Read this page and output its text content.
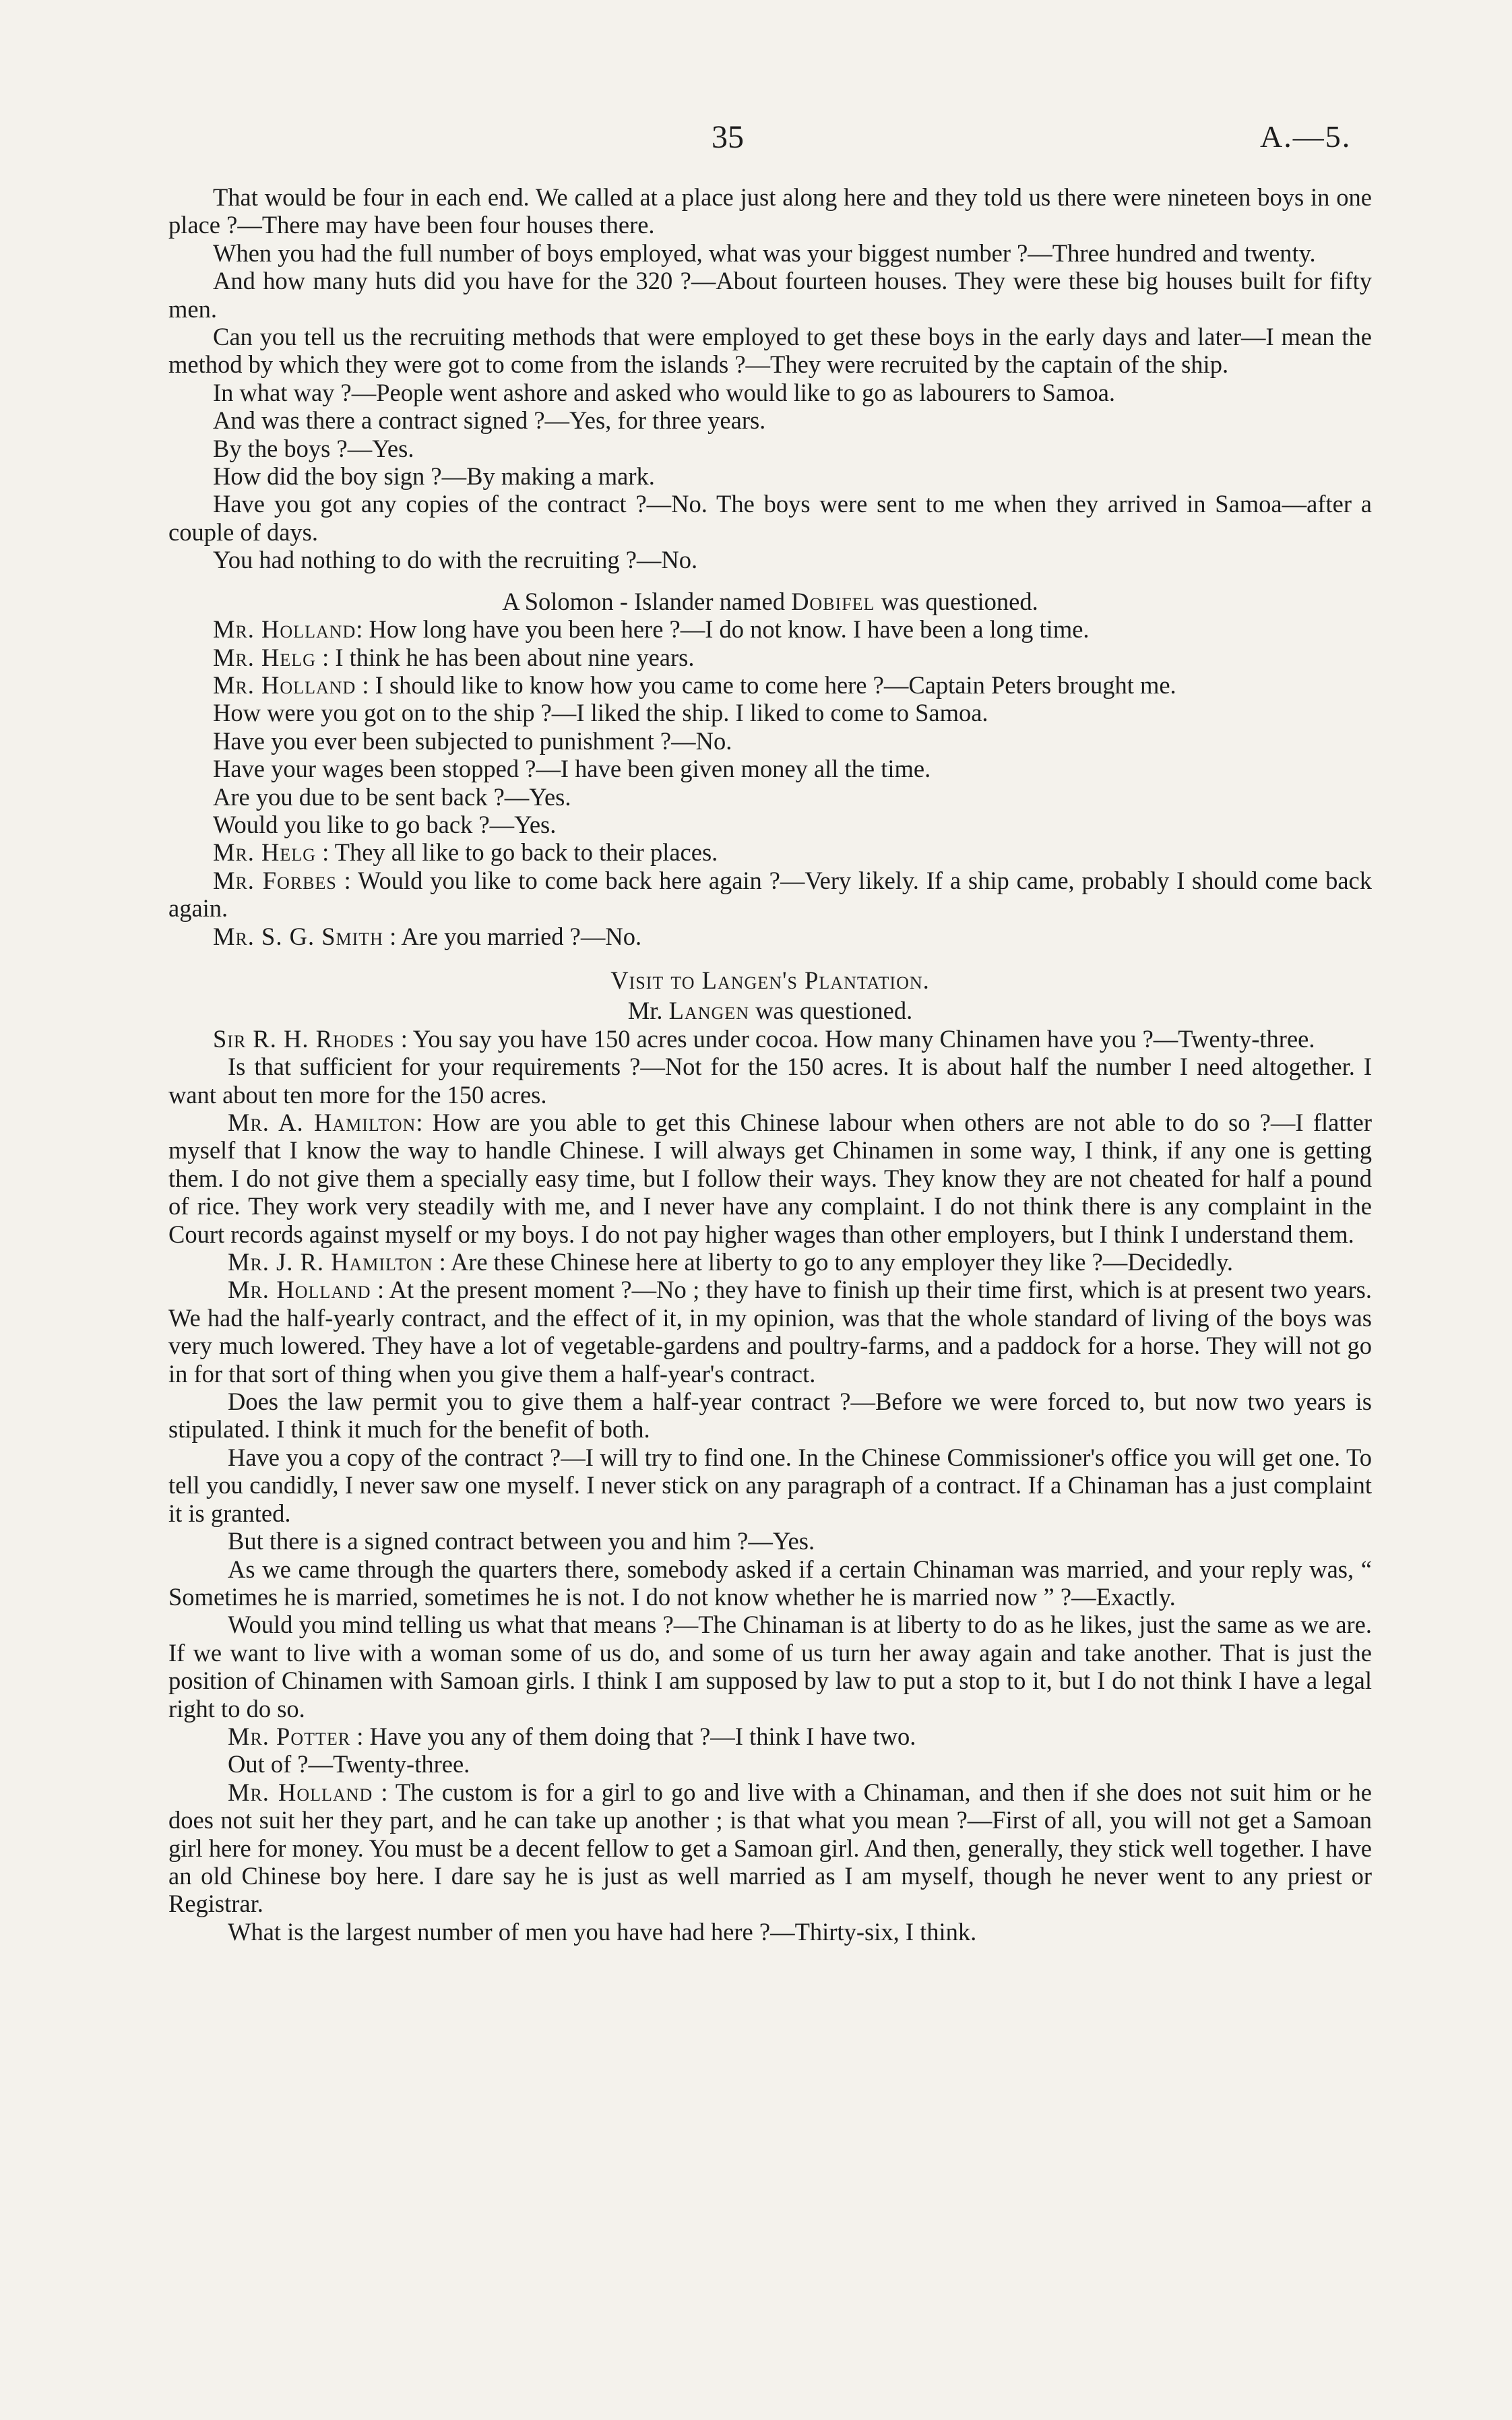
35	A.—5.

That would be four in each end. We called at a place just along here and they told us there were nineteen boys in one place ?—There may have been four houses there.

When you had the full number of boys employed, what was your biggest number ?—Three hundred and twenty.

And how many huts did you have for the 320 ?—About fourteen houses. They were these big houses built for fifty men.

Can you tell us the recruiting methods that were employed to get these boys in the early days and later—I mean the method by which they were got to come from the islands ?—They were recruited by the captain of the ship.

In what way ?—People went ashore and asked who would like to go as labourers to Samoa.

And was there a contract signed ?—Yes, for three years.

By the boys ?—Yes.

How did the boy sign ?—By making a mark.

Have you got any copies of the contract ?—No. The boys were sent to me when they arrived in Samoa—after a couple of days.

You had nothing to do with the recruiting ?—No.

A Solomon - Islander named Dobifel was questioned.

Mr. Holland: How long have you been here ?—I do not know. I have been a long time.

Mr. Helg : I think he has been about nine years.

Mr. Holland : I should like to know how you came to come here ?—Captain Peters brought me.

How were you got on to the ship ?—I liked the ship. I liked to come to Samoa.

Have you ever been subjected to punishment ?—No.

Have your wages been stopped ?—I have been given money all the time.

Are you due to be sent back ?—Yes.

Would you like to go back ?—Yes.

Mr. Helg : They all like to go back to their places.

Mr. Forbes : Would you like to come back here again ?—Very likely. If a ship came, probably I should come back again.

Mr. S. G. Smith : Are you married ?—No.

Visit to Langen's Plantation.

Mr. Langen was questioned.

Sir R. H. Rhodes : You say you have 150 acres under cocoa. How many Chinamen have you ?—Twenty-three.

Is that sufficient for your requirements ?—Not for the 150 acres. It is about half the number I need altogether. I want about ten more for the 150 acres.

Mr. A. Hamilton: How are you able to get this Chinese labour when others are not able to do so ?—I flatter myself that I know the way to handle Chinese. I will always get Chinamen in some way, I think, if any one is getting them. I do not give them a specially easy time, but I follow their ways. They know they are not cheated for half a pound of rice. They work very steadily with me, and I never have any complaint. I do not think there is any complaint in the Court records against myself or my boys. I do not pay higher wages than other employers, but I think I understand them.

Mr. J. R. Hamilton : Are these Chinese here at liberty to go to any employer they like ?—Decidedly.

Mr. Holland : At the present moment ?—No ; they have to finish up their time first, which is at present two years. We had the half-yearly contract, and the effect of it, in my opinion, was that the whole standard of living of the boys was very much lowered. They have a lot of vegetable-gardens and poultry-farms, and a paddock for a horse. They will not go in for that sort of thing when you give them a half-year's contract.

Does the law permit you to give them a half-year contract ?—Before we were forced to, but now two years is stipulated. I think it much for the benefit of both.

Have you a copy of the contract ?—I will try to find one. In the Chinese Commissioner's office you will get one. To tell you candidly, I never saw one myself. I never stick on any paragraph of a contract. If a Chinaman has a just complaint it is granted.

But there is a signed contract between you and him ?—Yes.

As we came through the quarters there, somebody asked if a certain Chinaman was married, and your reply was, “ Sometimes he is married, sometimes he is not. I do not know whether he is married now ” ?—Exactly.

Would you mind telling us what that means ?—The Chinaman is at liberty to do as he likes, just the same as we are. If we want to live with a woman some of us do, and some of us turn her away again and take another. That is just the position of Chinamen with Samoan girls. I think I am supposed by law to put a stop to it, but I do not think I have a legal right to do so.

Mr. Potter : Have you any of them doing that ?—I think I have two.

Out of ?—Twenty-three.

Mr. Holland : The custom is for a girl to go and live with a Chinaman, and then if she does not suit him or he does not suit her they part, and he can take up another ; is that what you mean ?—First of all, you will not get a Samoan girl here for money. You must be a decent fellow to get a Samoan girl. And then, generally, they stick well together. I have an old Chinese boy here. I dare say he is just as well married as I am myself, though he never went to any priest or Registrar.

What is the largest number of men you have had here ?—Thirty-six, I think.
